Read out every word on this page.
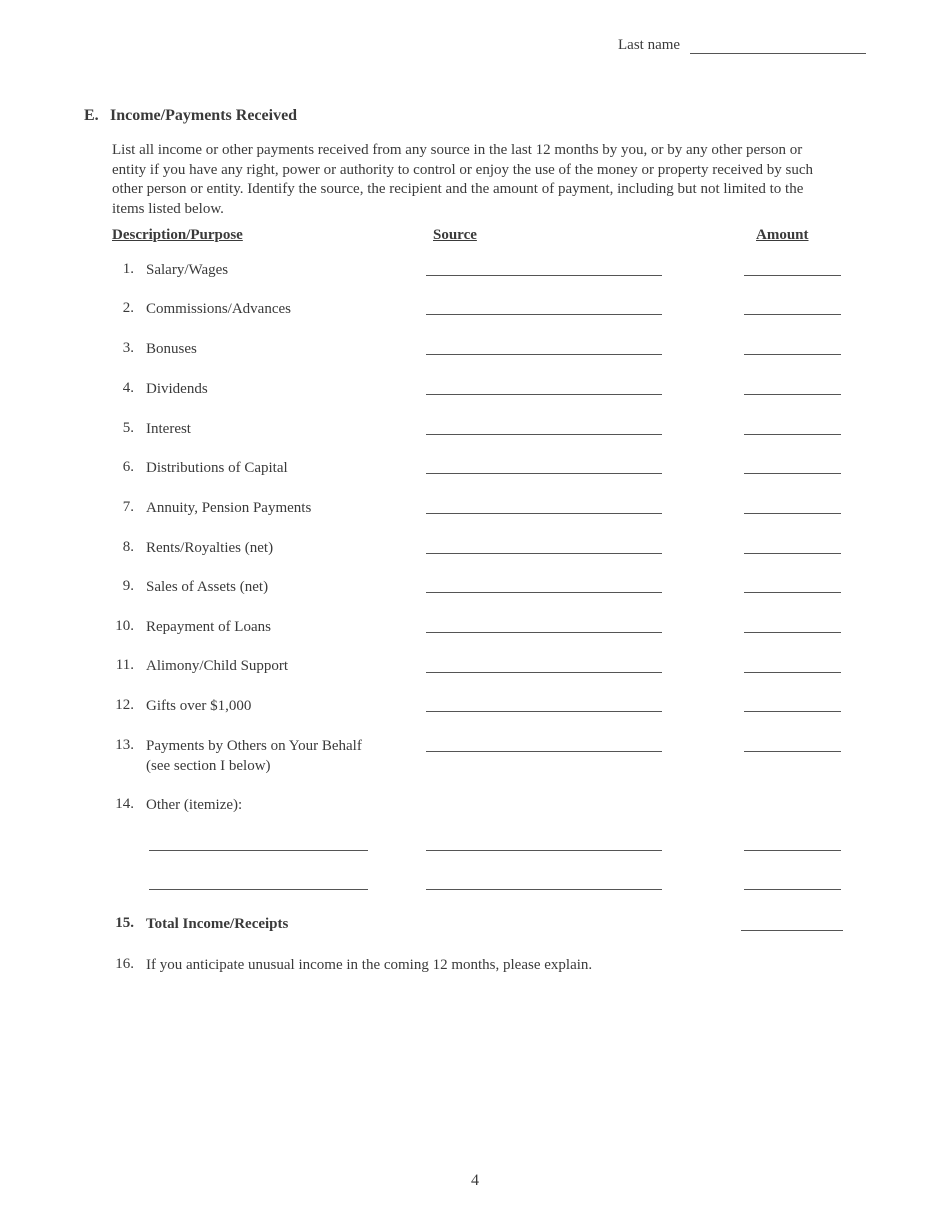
Last name
E. Income/Payments Received
List all income or other payments received from any source in the last 12 months by you, or by any other person or entity if you have any right, power or authority to control or enjoy the use of the money or property received by such other person or entity. Identify the source, the recipient and the amount of payment, including but not limited to the items listed below.
Description/Purpose	Source	Amount
1. Salary/Wages
2. Commissions/Advances
3. Bonuses
4. Dividends
5. Interest
6. Distributions of Capital
7. Annuity, Pension Payments
8. Rents/Royalties (net)
9. Sales of Assets (net)
10. Repayment of Loans
11. Alimony/Child Support
12. Gifts over $1,000
13. Payments by Others on Your Behalf
(see section I below)
14. Other (itemize):
15. Total Income/Receipts
16. If you anticipate unusual income in the coming 12 months, please explain.
4
